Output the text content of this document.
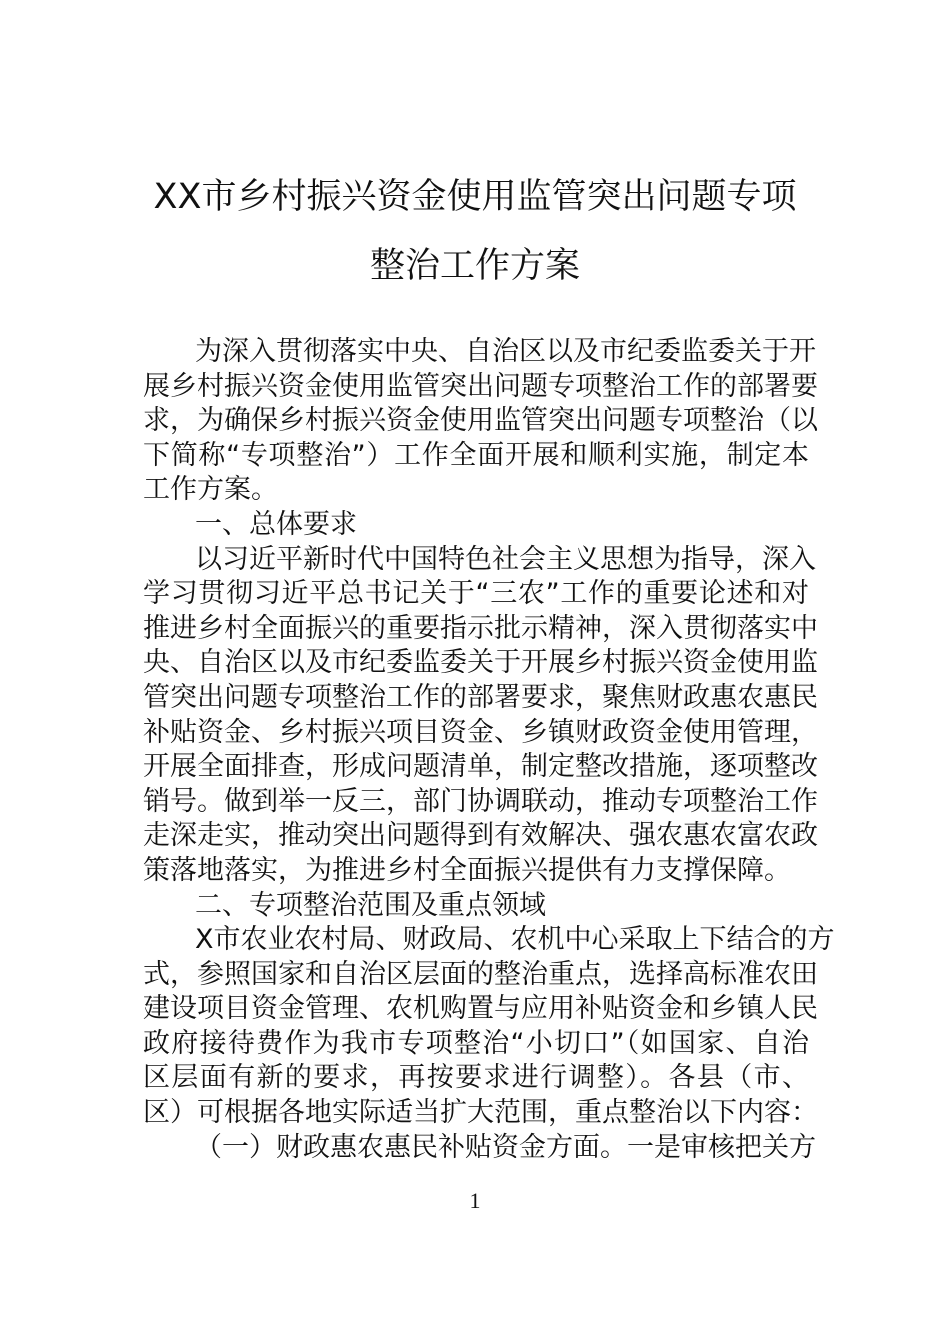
XX市乡村振兴资金使用监管突出问题专项
整治工作方案
为深入贯彻落实中央、自治区以及市纪委监委关于开
展乡村振兴资金使用监管突出问题专项整治工作的部署要
求，为确保乡村振兴资金使用监管突出问题专项整治（以
下简称“专项整治”）工作全面开展和顺利实施，制定本
工作方案。
一、总体要求
以习近平新时代中国特色社会主义思想为指导，深入
学习贯彻习近平总书记关于“三农”工作的重要论述和对
推进乡村全面振兴的重要指示批示精神，深入贯彻落实中
央、自治区以及市纪委监委关于开展乡村振兴资金使用监
管突出问题专项整治工作的部署要求，聚焦财政惠农惠民
补贴资金、乡村振兴项目资金、乡镇财政资金使用管理，
开展全面排查，形成问题清单，制定整改措施，逐项整改
销号。做到举一反三，部门协调联动，推动专项整治工作
走深走实，推动突出问题得到有效解决、强农惠农富农政
策落地落实，为推进乡村全面振兴提供有力支撑保障。
二、专项整治范围及重点领域
X市农业农村局、财政局、农机中心采取上下结合的方
式，参照国家和自治区层面的整治重点，选择高标准农田
建设项目资金管理、农机购置与应用补贴资金和乡镇人民
政府接待费作为我市专项整治“小切口”（如国家、自治
区层面有新的要求，再按要求进行调整）。各县（市、
区）可根据各地实际适当扩大范围，重点整治以下内容：
（一）财政惠农惠民补贴资金方面。一是审核把关方
1
